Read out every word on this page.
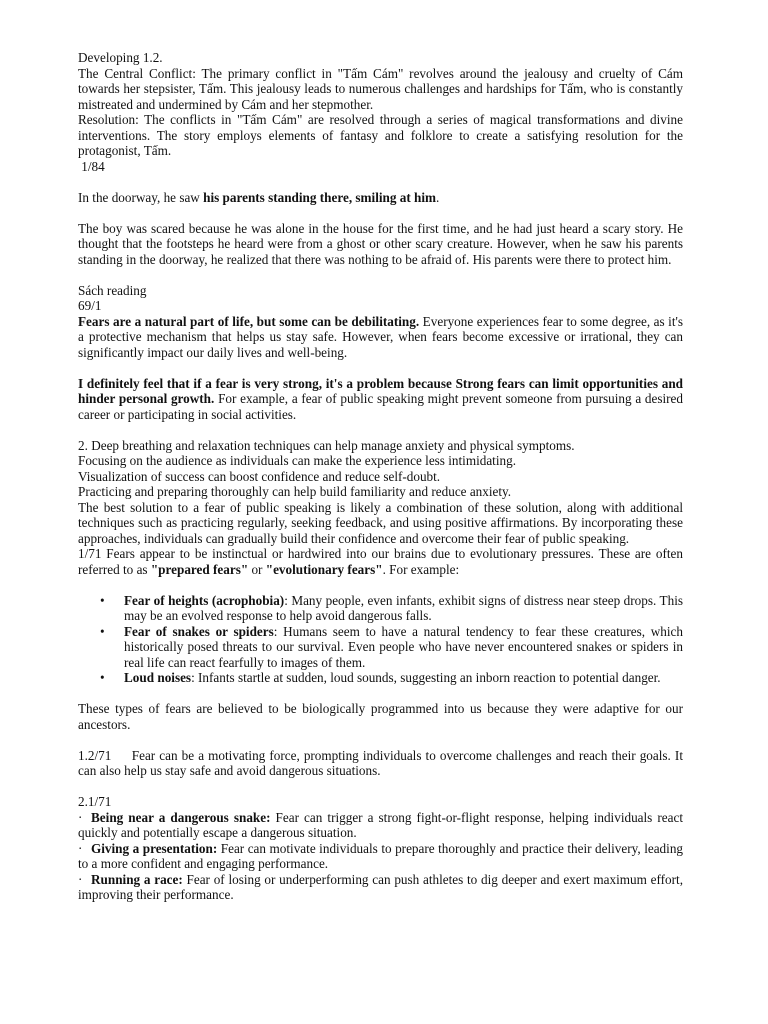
Developing 1.2.

The Central Conflict: The primary conflict in "Tấm Cám" revolves around the jealousy and cruelty of Cám towards her stepsister, Tấm. This jealousy leads to numerous challenges and hardships for Tấm, who is constantly mistreated and undermined by Cám and her stepmother.

Resolution: The conflicts in "Tấm Cám" are resolved through a series of magical transformations and divine interventions. The story employs elements of fantasy and folklore to create a satisfying resolution for the protagonist, Tấm.

1/84

In the doorway, he saw his parents standing there, smiling at him.

The boy was scared because he was alone in the house for the first time, and he had just heard a scary story. He thought that the footsteps he heard were from a ghost or other scary creature. However, when he saw his parents standing in the doorway, he realized that there was nothing to be afraid of. His parents were there to protect him.

Sách reading

69/1

Fears are a natural part of life, but some can be debilitating. Everyone experiences fear to some degree, as it's a protective mechanism that helps us stay safe. However, when fears become excessive or irrational, they can significantly impact our daily lives and well-being.

I definitely feel that if a fear is very strong, it's a problem because Strong fears can limit opportunities and hinder personal growth. For example, a fear of public speaking might prevent someone from pursuing a desired career or participating in social activities.

2. Deep breathing and relaxation techniques can help manage anxiety and physical symptoms.

Focusing on the audience as individuals can make the experience less intimidating.

Visualization of success can boost confidence and reduce self-doubt.

Practicing and preparing thoroughly can help build familiarity and reduce anxiety.

The best solution to a fear of public speaking is likely a combination of these solution, along with additional techniques such as practicing regularly, seeking feedback, and using positive affirmations. By incorporating these approaches, individuals can gradually build their confidence and overcome their fear of public speaking.

1/71 Fears appear to be instinctual or hardwired into our brains due to evolutionary pressures. These are often referred to as "prepared fears" or "evolutionary fears". For example:

• Fear of heights (acrophobia): Many people, even infants, exhibit signs of distress near steep drops. This may be an evolved response to help avoid dangerous falls.
• Fear of snakes or spiders: Humans seem to have a natural tendency to fear these creatures, which historically posed threats to our survival. Even people who have never encountered snakes or spiders in real life can react fearfully to images of them.
• Loud noises: Infants startle at sudden, loud sounds, suggesting an inborn reaction to potential danger.

These types of fears are believed to be biologically programmed into us because they were adaptive for our ancestors.

1.2/71     Fear can be a motivating force, prompting individuals to overcome challenges and reach their goals. It can also help us stay safe and avoid dangerous situations.

2.1/71

· Being near a dangerous snake: Fear can trigger a strong fight-or-flight response, helping individuals react quickly and potentially escape a dangerous situation.

· Giving a presentation: Fear can motivate individuals to prepare thoroughly and practice their delivery, leading to a more confident and engaging performance.

· Running a race: Fear of losing or underperforming can push athletes to dig deeper and exert maximum effort, improving their performance.
